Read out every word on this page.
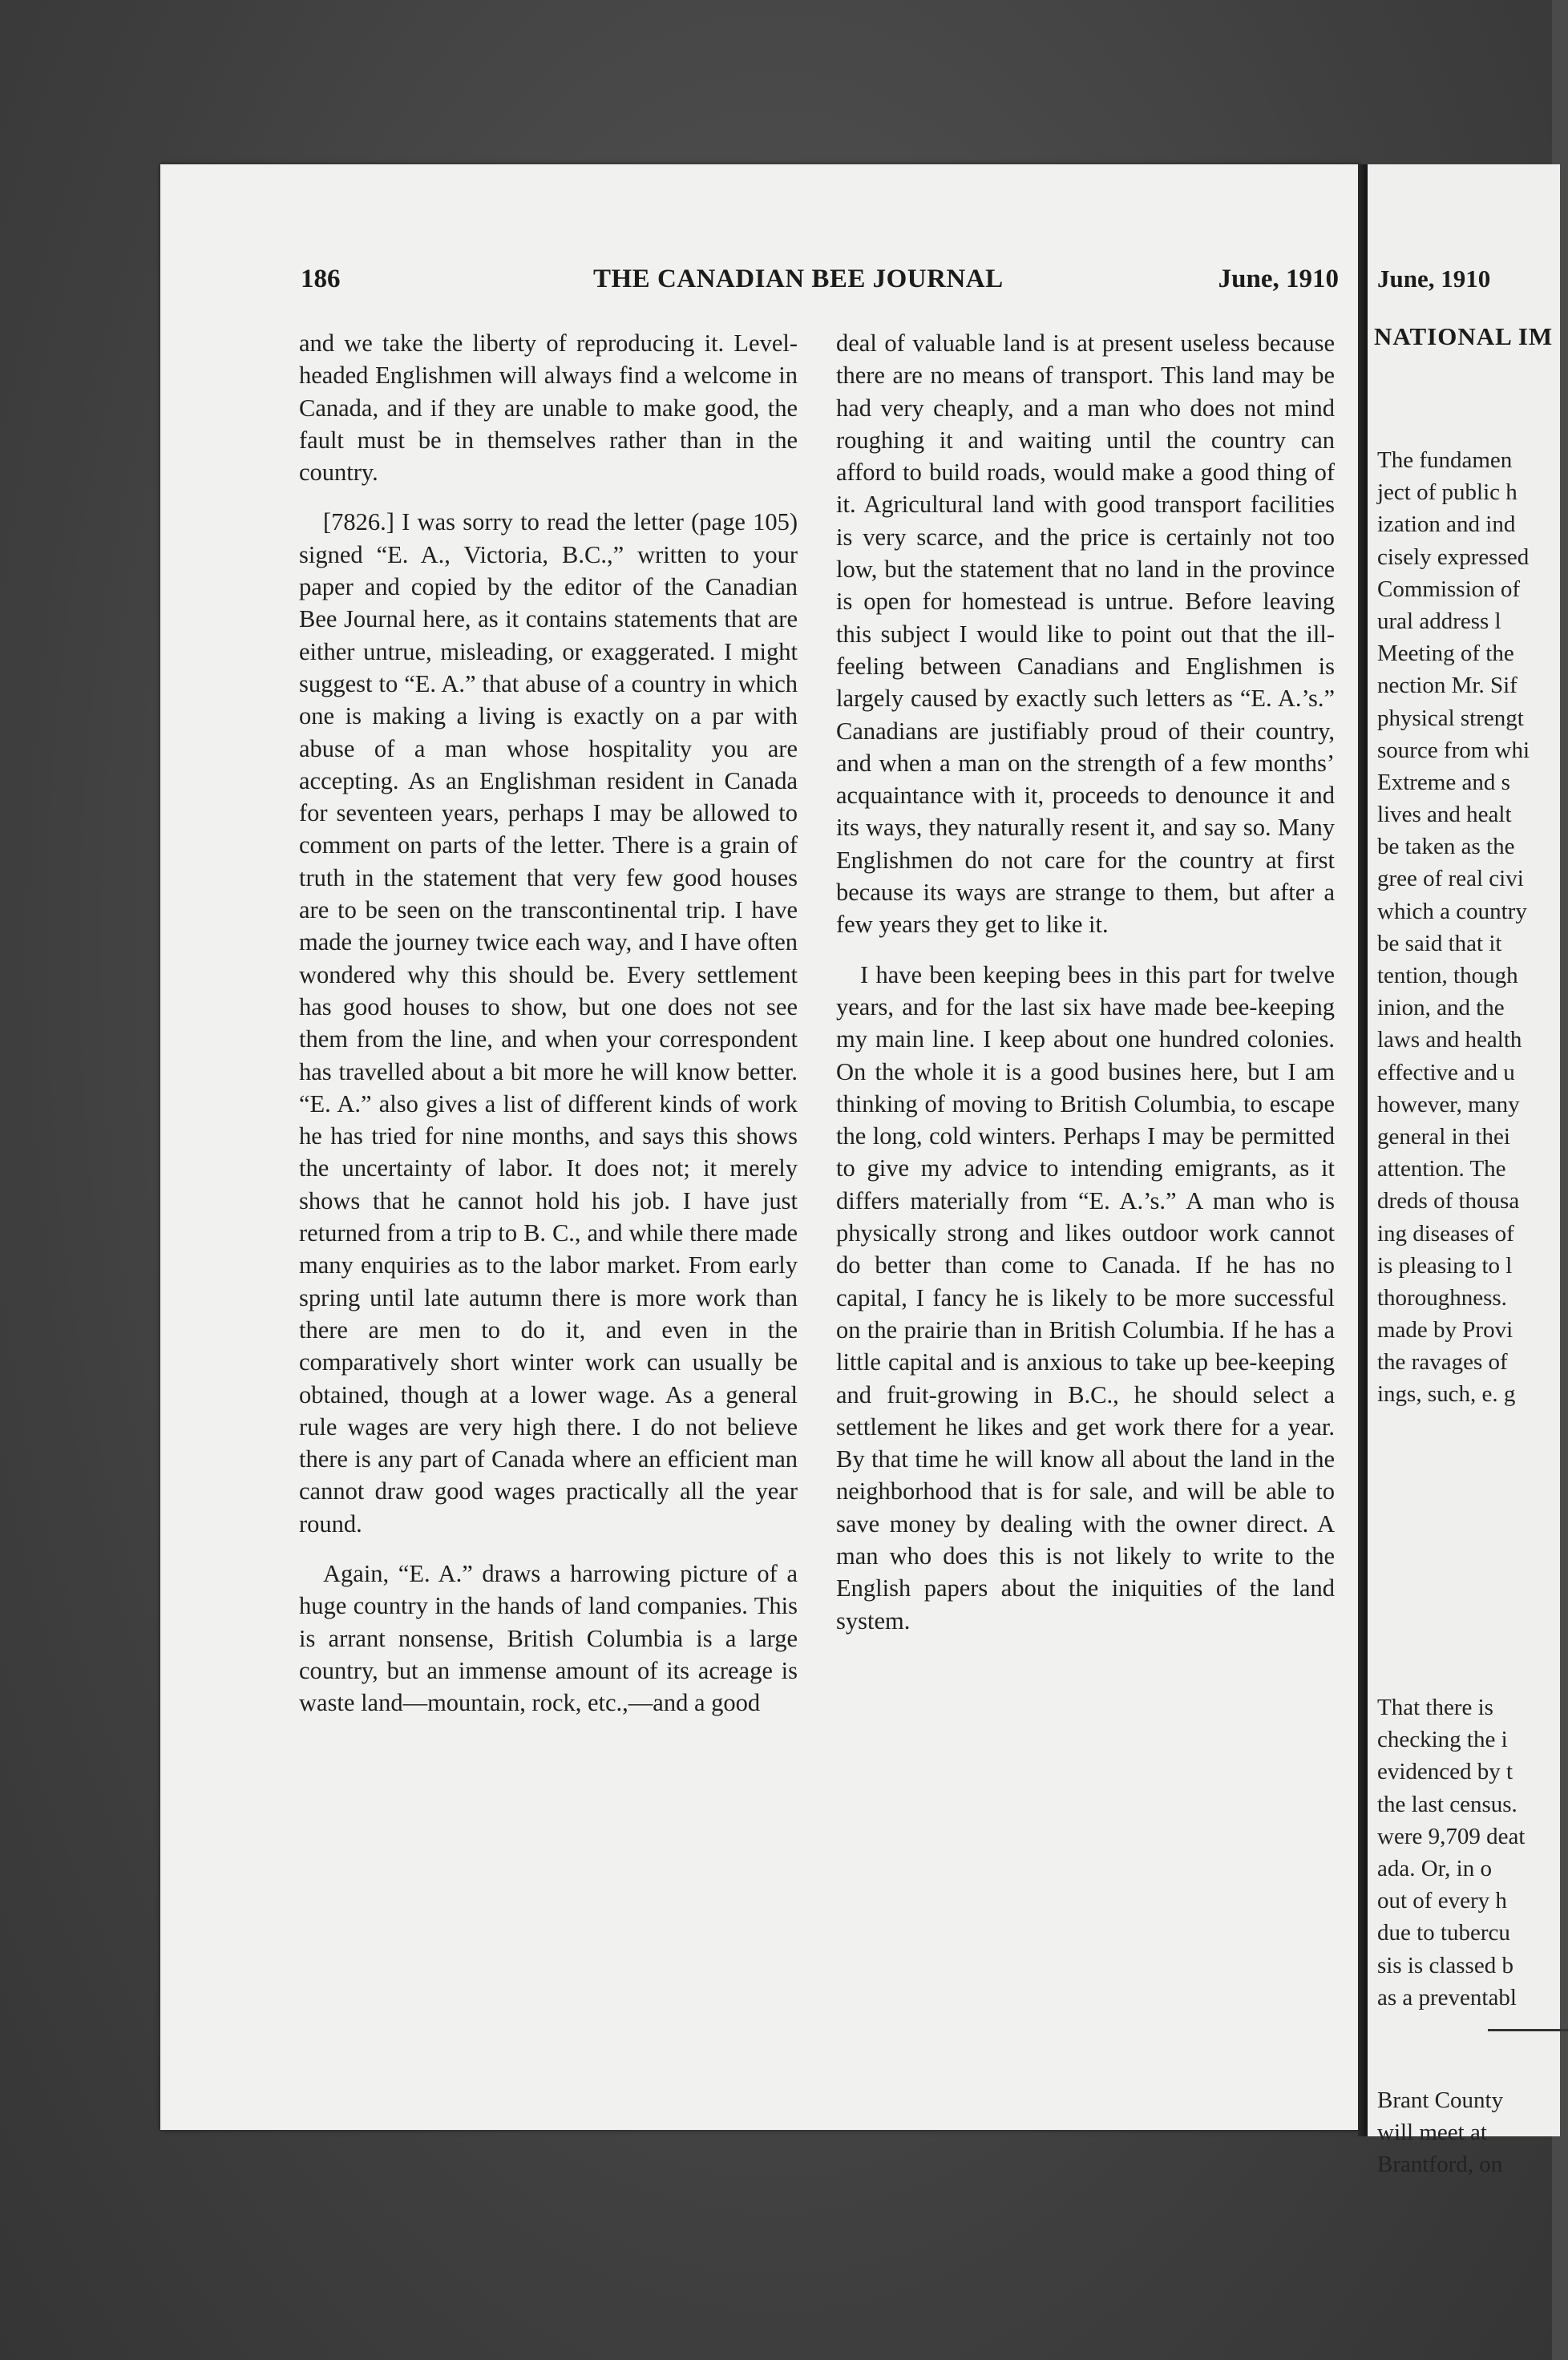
June, 1910
NATIONAL IM
The fundamen
ject of public h
ization and ind
cisely expressed
Commission of
ural address l
Meeting of the
nection Mr. Sif
physical strengt
source from whi
Extreme and s
lives and healt
be taken as the
gree of real civi
which a country
be said that it
tention, though
inion, and the
laws and health
effective and u
however, many
general in thei
attention. The
dreds of thousa
ing diseases of
is pleasing to l
thoroughness.
made by Provi
the ravages of
ings, such, e. g
That there is
checking the i
evidenced by t
the last census.
were 9,709 deat
ada. Or, in o
out of every h
due to tubercu
sis is classed b
as a preventabl
Brant County
will meet at
Brantford, on
186	THE CANADIAN BEE JOURNAL	June, 1910

and we take the liberty of reproducing it. Level-headed Englishmen will always find a welcome in Canada, and if they are unable to make good, the fault must be in themselves rather than in the country.

[7826.] I was sorry to read the letter (page 105) signed “E. A., Victoria, B.C.,” written to your paper and copied by the editor of the Canadian Bee Journal here, as it contains statements that are either untrue, misleading, or exaggerated. I might suggest to “E. A.” that abuse of a country in which one is making a living is exactly on a par with abuse of a man whose hospitality you are accepting. As an Englishman resident in Canada for seventeen years, perhaps I may be allowed to comment on parts of the letter. There is a grain of truth in the statement that very few good houses are to be seen on the transcontinental trip. I have made the journey twice each way, and I have often wondered why this should be. Every settlement has good houses to show, but one does not see them from the line, and when your correspondent has travelled about a bit more he will know better. “E. A.” also gives a list of different kinds of work he has tried for nine months, and says this shows the uncertainty of labor. It does not; it merely shows that he cannot hold his job. I have just returned from a trip to B. C., and while there made many enquiries as to the labor market. From early spring until late autumn there is more work than there are men to do it, and even in the comparatively short winter work can usually be obtained, though at a lower wage. As a general rule wages are very high there. I do not believe there is any part of Canada where an efficient man cannot draw good wages practically all the year round.

Again, “E. A.” draws a harrowing picture of a huge country in the hands of land companies. This is arrant nonsense, British Columbia is a large country, but an immense amount of its acreage is waste land—mountain, rock, etc.,—and a good

deal of valuable land is at present useless because there are no means of transport. This land may be had very cheaply, and a man who does not mind roughing it and waiting until the country can afford to build roads, would make a good thing of it. Agricultural land with good transport facilities is very scarce, and the price is certainly not too low, but the statement that no land in the province is open for homestead is untrue. Before leaving this subject I would like to point out that the ill-feeling between Canadians and Englishmen is largely caused by exactly such letters as “E. A.’s.” Canadians are justifiably proud of their country, and when a man on the strength of a few months’ acquaintance with it, proceeds to denounce it and its ways, they naturally resent it, and say so. Many Englishmen do not care for the country at first because its ways are strange to them, but after a few years they get to like it.

I have been keeping bees in this part for twelve years, and for the last six have made bee-keeping my main line. I keep about one hundred colonies. On the whole it is a good busines here, but I am thinking of moving to British Columbia, to escape the long, cold winters. Perhaps I may be permitted to give my advice to intending emigrants, as it differs materially from “E. A.’s.” A man who is physically strong and likes outdoor work cannot do better than come to Canada. If he has no capital, I fancy he is likely to be more successful on the prairie than in British Columbia. If he has a little capital and is anxious to take up bee-keeping and fruit-growing in B.C., he should select a settlement he likes and get work there for a year. By that time he will know all about the land in the neighborhood that is for sale, and will be able to save money by dealing with the owner direct. A man who does this is not likely to write to the English papers about the iniquities of the land system.
